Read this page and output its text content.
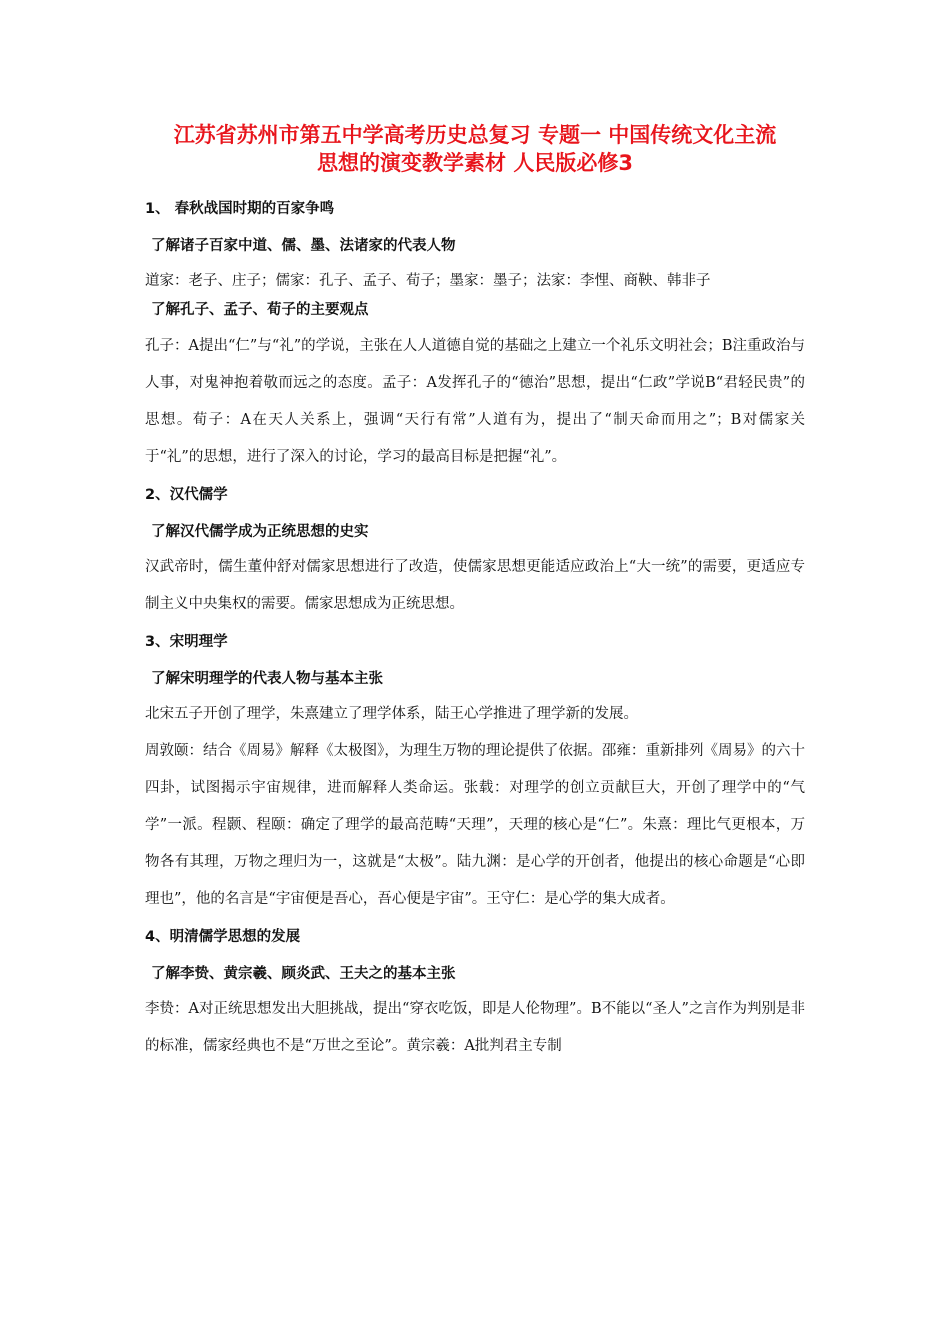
江苏省苏州市第五中学高考历史总复习 专题一 中国传统文化主流
思想的演变教学素材 人民版必修3
1、 春秋战国时期的百家争鸣
了解诸子百家中道、儒、墨、法诸家的代表人物

道家：老子、庄子；儒家：孔子、孟子、荀子；墨家：墨子；法家：李悝、商鞅、韩非子

了解孔子、孟子、荀子的主要观点

孔子：A提出“仁”与“礼”的学说，主张在人人道德自觉的基础之上建立一个礼乐文明社会；B注重政治与人事，对鬼神抱着敬而远之的态度。孟子：A发挥孔子的“德治”思想，提出“仁政”学说B“君轻民贵”的思想。荀子：A在天人关系上，强调“天行有常”人道有为，提出了“制天命而用之”；B对儒家关于“礼”的思想，进行了深入的讨论，学习的最高目标是把握“礼”。

2、汉代儒学
了解汉代儒学成为正统思想的史实

汉武帝时，儒生董仲舒对儒家思想进行了改造，使儒家思想更能适应政治上“大一统”的需要，更适应专制主义中央集权的需要。儒家思想成为正统思想。

3、宋明理学
了解宋明理学的代表人物与基本主张

北宋五子开创了理学，朱熹建立了理学体系，陆王心学推进了理学新的发展。

周敦颐：结合《周易》解释《太极图》，为理生万物的理论提供了依据。邵雍：重新排列《周易》的六十四卦，试图揭示宇宙规律，进而解释人类命运。张载：对理学的创立贡献巨大，开创了理学中的“气学”一派。程颢、程颐：确定了理学的最高范畴“天理”，天理的核心是“仁”。朱熹：理比气更根本，万物各有其理，万物之理归为一，这就是“太极”。陆九渊：是心学的开创者，他提出的核心命题是“心即理也”，他的名言是“宇宙便是吾心，吾心便是宇宙”。王守仁：是心学的集大成者。

4、明清儒学思想的发展
了解李贽、黄宗羲、顾炎武、王夫之的基本主张

李贽：A对正统思想发出大胆挑战，提出“穿衣吃饭，即是人伦物理”。B不能以“圣人”之言作为判别是非的标准，儒家经典也不是“万世之至论”。黄宗羲：A批判君主专制
